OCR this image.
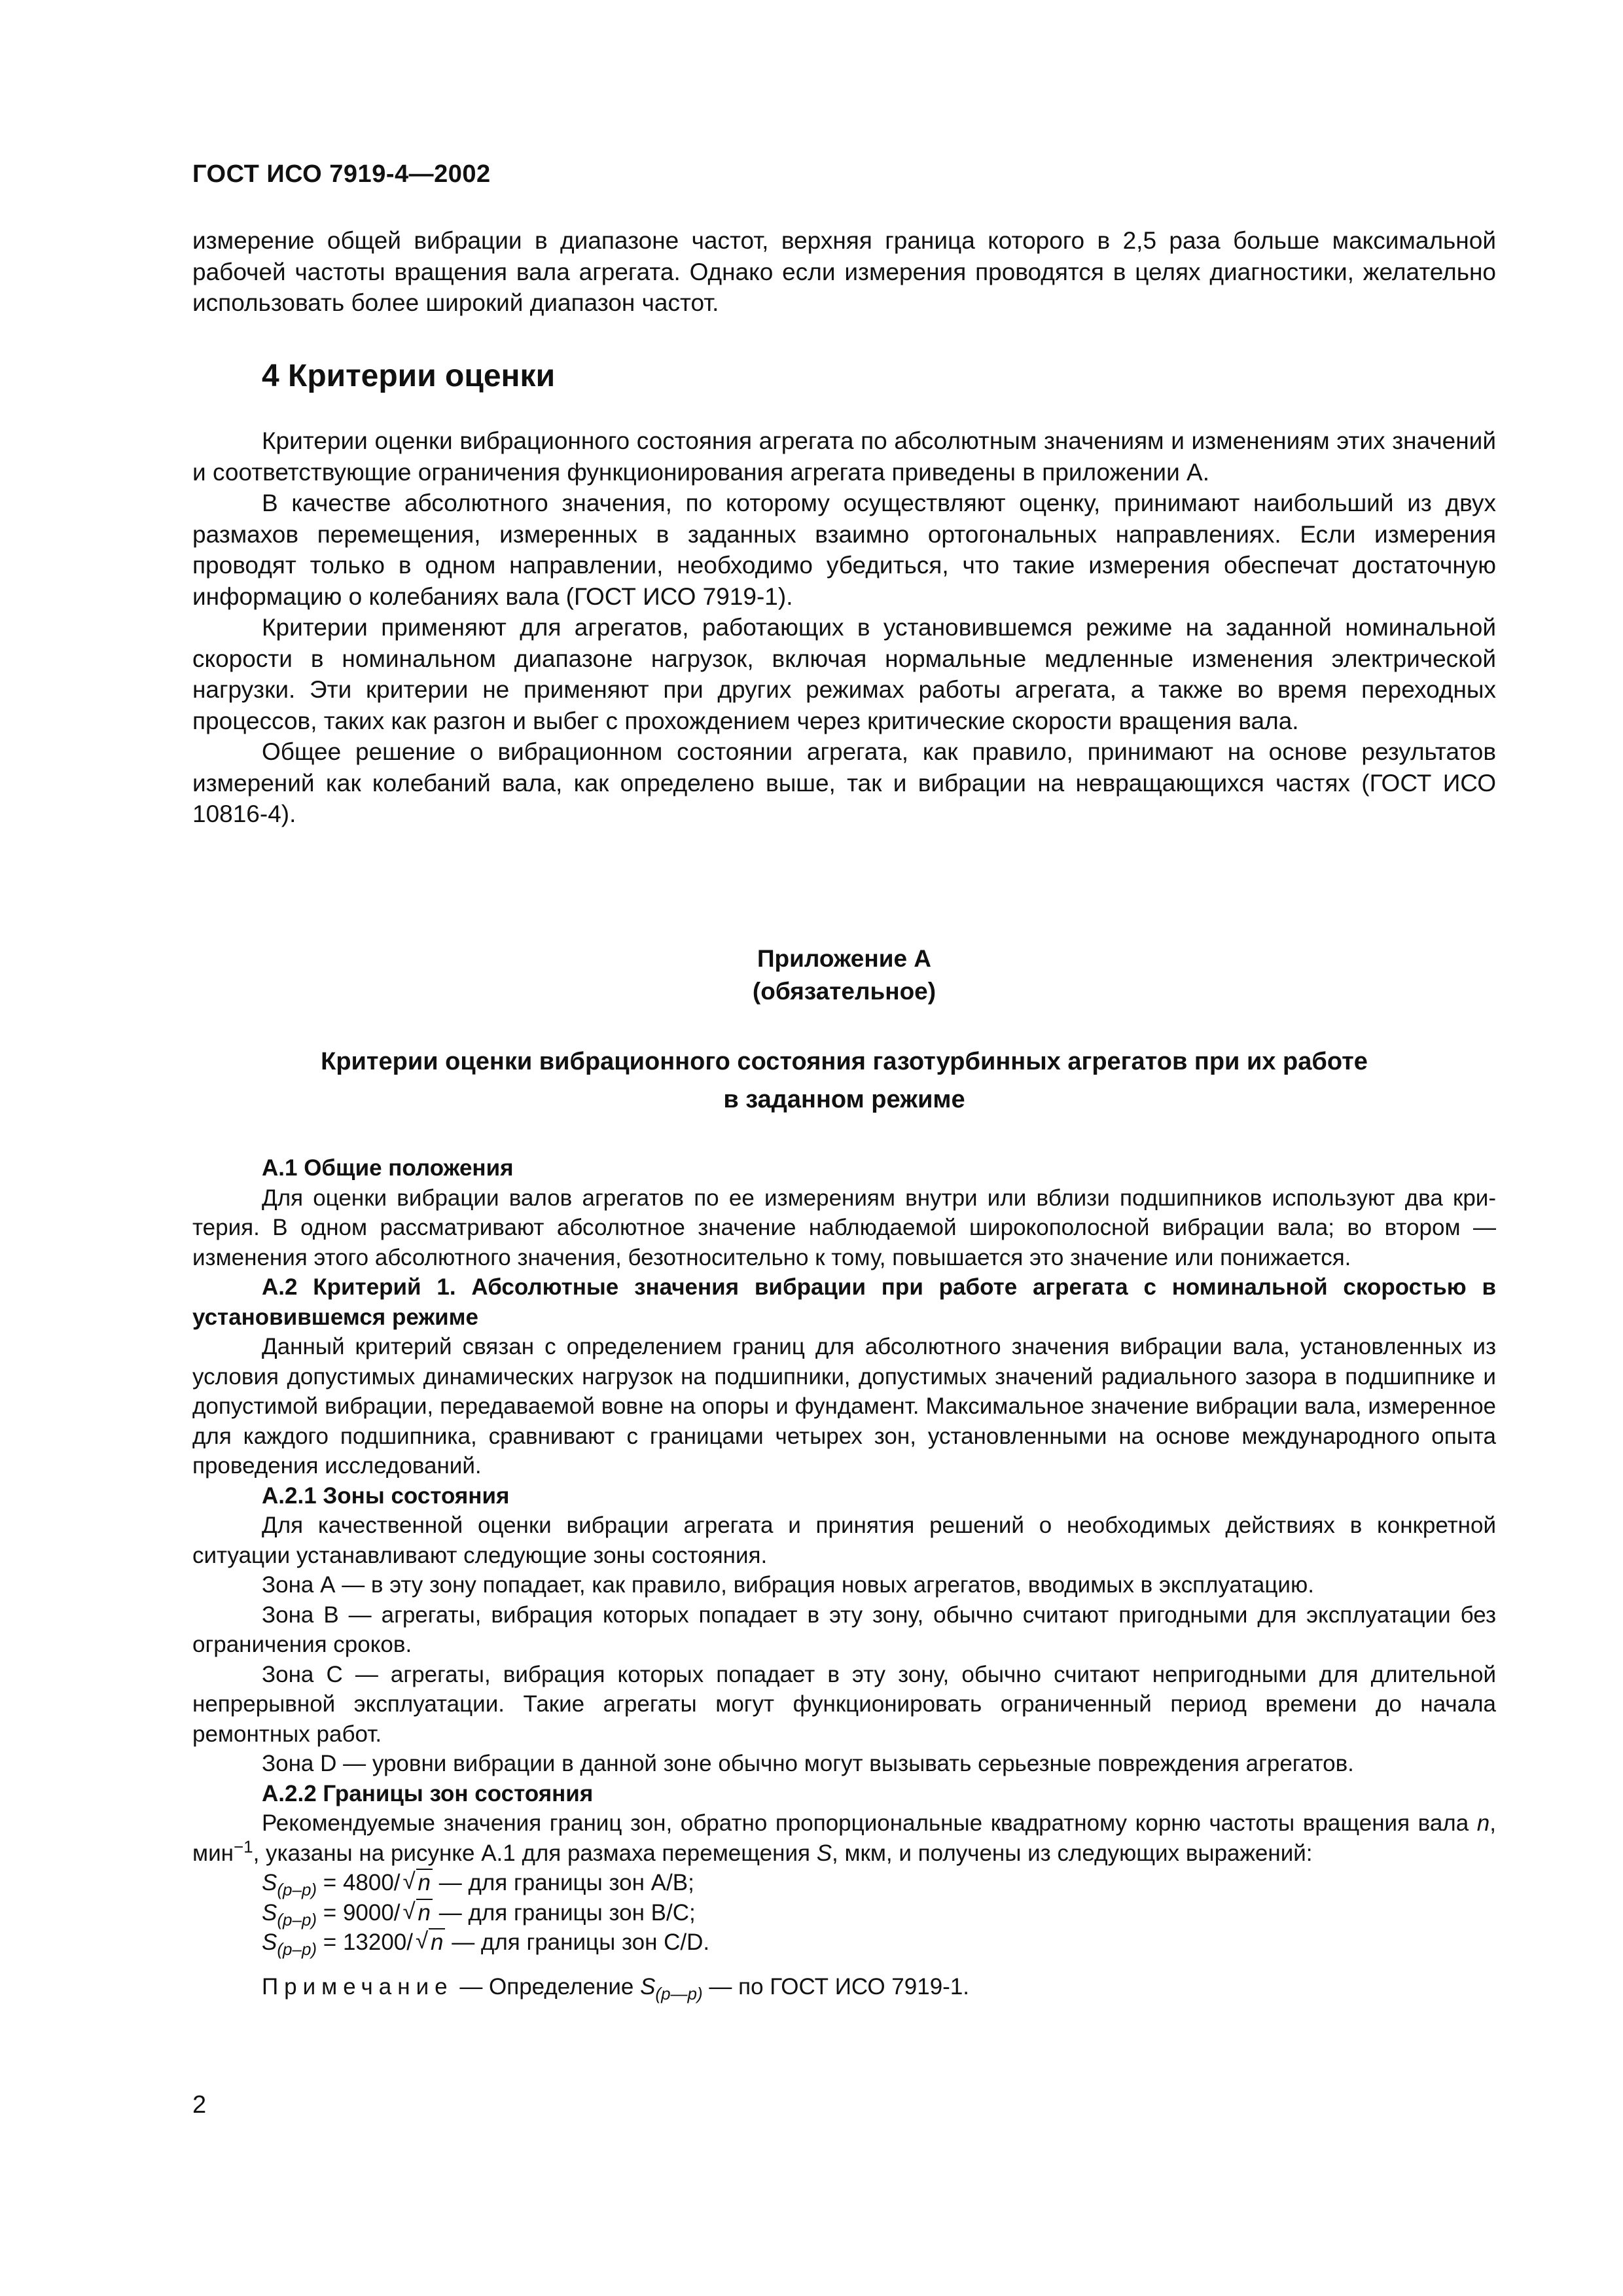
ГОСТ ИСО 7919-4—2002

измерение общей вибрации в диапазоне частот, верхняя граница которого в 2,5 раза больше максимальной рабочей частоты вращения вала агрегата. Однако если измерения проводятся в целях диагностики, желательно использовать более широкий диапазон частот.

4 Критерии оценки

Критерии оценки вибрационного состояния агрегата по абсолютным значениям и изменениям этих значений и соответствующие ограничения функционирования агрегата приведены в приложении А.

В качестве абсолютного значения, по которому осуществляют оценку, принимают наибольший из двух размахов перемещения, измеренных в заданных взаимно ортогональных направлениях. Если измерения проводят только в одном направлении, необходимо убедиться, что такие измерения обеспечат достаточную информацию о колебаниях вала (ГОСТ ИСО 7919-1).

Критерии применяют для агрегатов, работающих в установившемся режиме на заданной номинальной скорости в номинальном диапазоне нагрузок, включая нормальные медленные изменения электрической нагрузки. Эти критерии не применяют при других режимах работы агрегата, а также во время переходных процессов, таких как разгон и выбег с прохождением через критические скорости вращения вала.

Общее решение о вибрационном состоянии агрегата, как правило, принимают на основе результатов измерений как колебаний вала, как определено выше, так и вибрации на невращающихся частях (ГОСТ ИСО 10816-4).

Приложение А
(обязательное)
Критерии оценки вибрационного состояния газотурбинных агрегатов при их работе
в заданном режиме

А.1 Общие положения

Для оценки вибрации валов агрегатов по ее измерениям внутри или вблизи подшипников используют два критерия. В одном рассматривают абсолютное значение наблюдаемой широкополосной вибрации вала; во втором — изменения этого абсолютного значения, безотносительно к тому, повышается это значение или понижается.

А.2 Критерий 1. Абсолютные значения вибрации при работе агрегата с номинальной скоростью в установившемся режиме

Данный критерий связан с определением границ для абсолютного значения вибрации вала, установленных из условия допустимых динамических нагрузок на подшипники, допустимых значений радиального зазора в подшипнике и допустимой вибрации, передаваемой вовне на опоры и фундамент. Максимальное значение вибрации вала, измеренное для каждого подшипника, сравнивают с границами четырех зон, установленными на основе международного опыта проведения исследований.

А.2.1 Зоны состояния

Для качественной оценки вибрации агрегата и принятия решений о необходимых действиях в конкретной ситуации устанавливают следующие зоны состояния.

Зона А — в эту зону попадает, как правило, вибрация новых агрегатов, вводимых в эксплуатацию.

Зона В — агрегаты, вибрация которых попадает в эту зону, обычно считают пригодными для эксплуатации без ограничения сроков.

Зона С — агрегаты, вибрация которых попадает в эту зону, обычно считают непригодными для длительной непрерывной эксплуатации. Такие агрегаты могут функционировать ограниченный период времени до начала ремонтных работ.

Зона D — уровни вибрации в данной зоне обычно могут вызывать серьезные повреждения агрегатов.

А.2.2 Границы зон состояния

Рекомендуемые значения границ зон, обратно пропорциональные квадратному корню частоты вращения вала n, мин$^{-1}$, указаны на рисунке А.1 для размаха перемещения S, мкм, и получены из следующих выражений:

$S_{(p-p)} = 4800/√$ n — для границы зон А/В;

$S_{(p-p)} = 9000/√$ n — для границы зон В/С;

$S_{(p-p)} = 13200/√$ n — для границы зон С/D.

Примечание — Определение $S_{(p—p)}$ — по ГОСТ ИСО 7919-1.

2
